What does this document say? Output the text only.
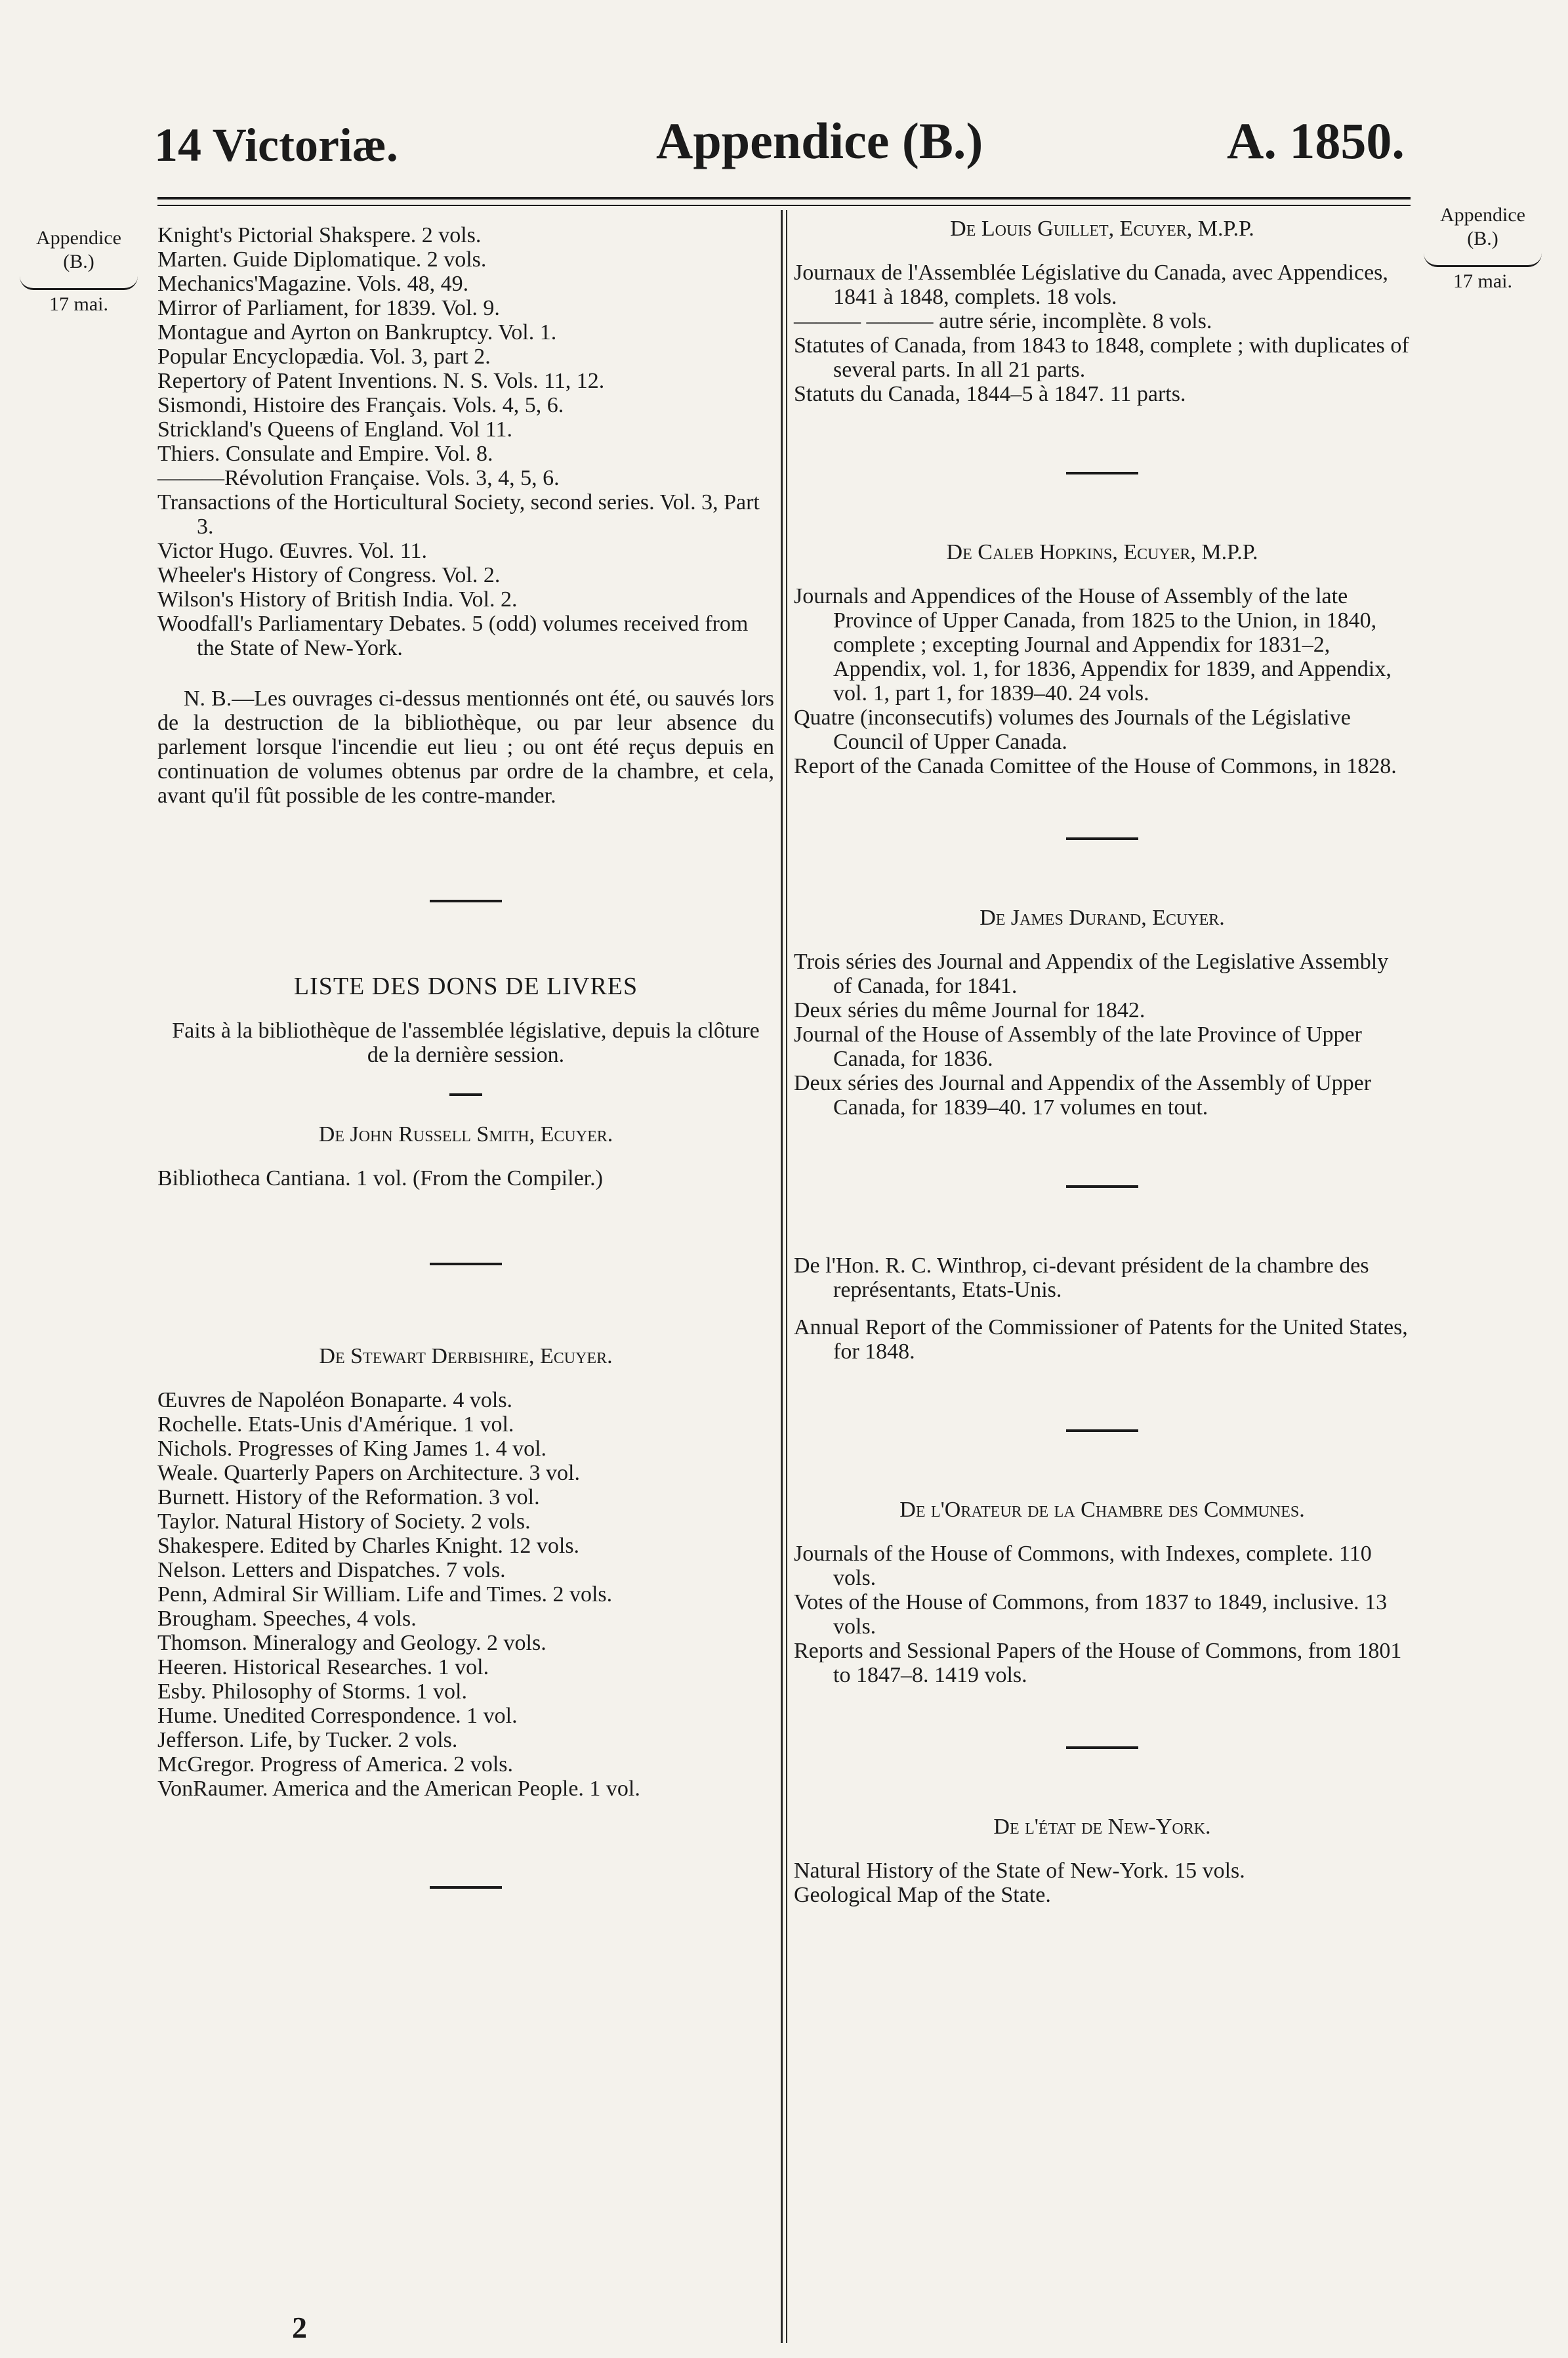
14 Victoriæ.	Appendice (B.)	A. 1850.
Appendice
(B.)
17 mai.
Appendice
(B.)
17 mai.

Knight's Pictorial Shakspere. 2 vols.

Marten. Guide Diplomatique. 2 vols.

Mechanics'Magazine. Vols. 48, 49.

Mirror of Parliament, for 1839. Vol. 9.

Montague and Ayrton on Bankruptcy. Vol. 1.

Popular Encyclopædia. Vol. 3, part 2.

Repertory of Patent Inventions. N. S. Vols. 11, 12.

Sismondi, Histoire des Français. Vols. 4, 5, 6.

Strickland's Queens of England. Vol 11.

Thiers. Consulate and Empire. Vol. 8.

———Révolution Française. Vols. 3, 4, 5, 6.

Transactions of the Horticultural Society, second series. Vol. 3, Part 3.

Victor Hugo. Œuvres. Vol. 11.

Wheeler's History of Congress. Vol. 2.

Wilson's History of British India. Vol. 2.

Woodfall's Parliamentary Debates. 5 (odd) volumes received from the State of New-York.

N. B.—Les ouvrages ci-dessus mentionnés ont été, ou sauvés lors de la destruction de la bibliothèque, ou par leur absence du parlement lorsque l'incendie eut lieu ; ou ont été reçus depuis en continuation de volumes obtenus par ordre de la chambre, et cela, avant qu'il fût possible de les contre-mander.

LISTE DES DONS DE LIVRES

Faits à la bibliothèque de l'assemblée législative, depuis la clôture de la dernière session.

De John Russell Smith, Ecuyer.

Bibliotheca Cantiana. 1 vol. (From the Compiler.)

De Stewart Derbishire, Ecuyer.

Œuvres de Napoléon Bonaparte. 4 vols.

Rochelle. Etats-Unis d'Amérique. 1 vol.

Nichols. Progresses of King James 1. 4 vol.

Weale. Quarterly Papers on Architecture. 3 vol.

Burnett. History of the Reformation. 3 vol.

Taylor. Natural History of Society. 2 vols.

Shakespere. Edited by Charles Knight. 12 vols.

Nelson. Letters and Dispatches. 7 vols.

Penn, Admiral Sir William. Life and Times. 2 vols.

Brougham. Speeches, 4 vols.

Thomson. Mineralogy and Geology. 2 vols.

Heeren. Historical Researches. 1 vol.

Esby. Philosophy of Storms. 1 vol.

Hume. Unedited Correspondence. 1 vol.

Jefferson. Life, by Tucker. 2 vols.

McGregor. Progress of America. 2 vols.

VonRaumer. America and the American People. 1 vol.

De Louis Guillet, Ecuyer, M.P.P.

Journaux de l'Assemblée Législative du Canada, avec Appendices, 1841 à 1848, complets. 18 vols.

——— ——— autre série, incomplète. 8 vols.

Statutes of Canada, from 1843 to 1848, complete ; with duplicates of several parts. In all 21 parts.

Statuts du Canada, 1844–5 à 1847. 11 parts.

De Caleb Hopkins, Ecuyer, M.P.P.

Journals and Appendices of the House of Assembly of the late Province of Upper Canada, from 1825 to the Union, in 1840, complete ; excepting Journal and Appendix for 1831–2, Appendix, vol. 1, for 1836, Appendix for 1839, and Appendix, vol. 1, part 1, for 1839–40. 24 vols.

Quatre (inconsecutifs) volumes des Journals of the Législative Council of Upper Canada.

Report of the Canada Comittee of the House of Commons, in 1828.

De James Durand, Ecuyer.

Trois séries des Journal and Appendix of the Legislative Assembly of Canada, for 1841.

Deux séries du même Journal for 1842.

Journal of the House of Assembly of the late Province of Upper Canada, for 1836.

Deux séries des Journal and Appendix of the Assembly of Upper Canada, for 1839–40. 17 volumes en tout.

De l'Hon. R. C. Winthrop, ci-devant président de la chambre des représentants, Etats-Unis.

Annual Report of the Commissioner of Patents for the United States, for 1848.

De l'Orateur de la Chambre des Communes.

Journals of the House of Commons, with Indexes, complete. 110 vols.

Votes of the House of Commons, from 1837 to 1849, inclusive. 13 vols.

Reports and Sessional Papers of the House of Commons, from 1801 to 1847–8. 1419 vols.

De l'état de New-York.

Natural History of the State of New-York. 15 vols.

Geological Map of the State.

2
